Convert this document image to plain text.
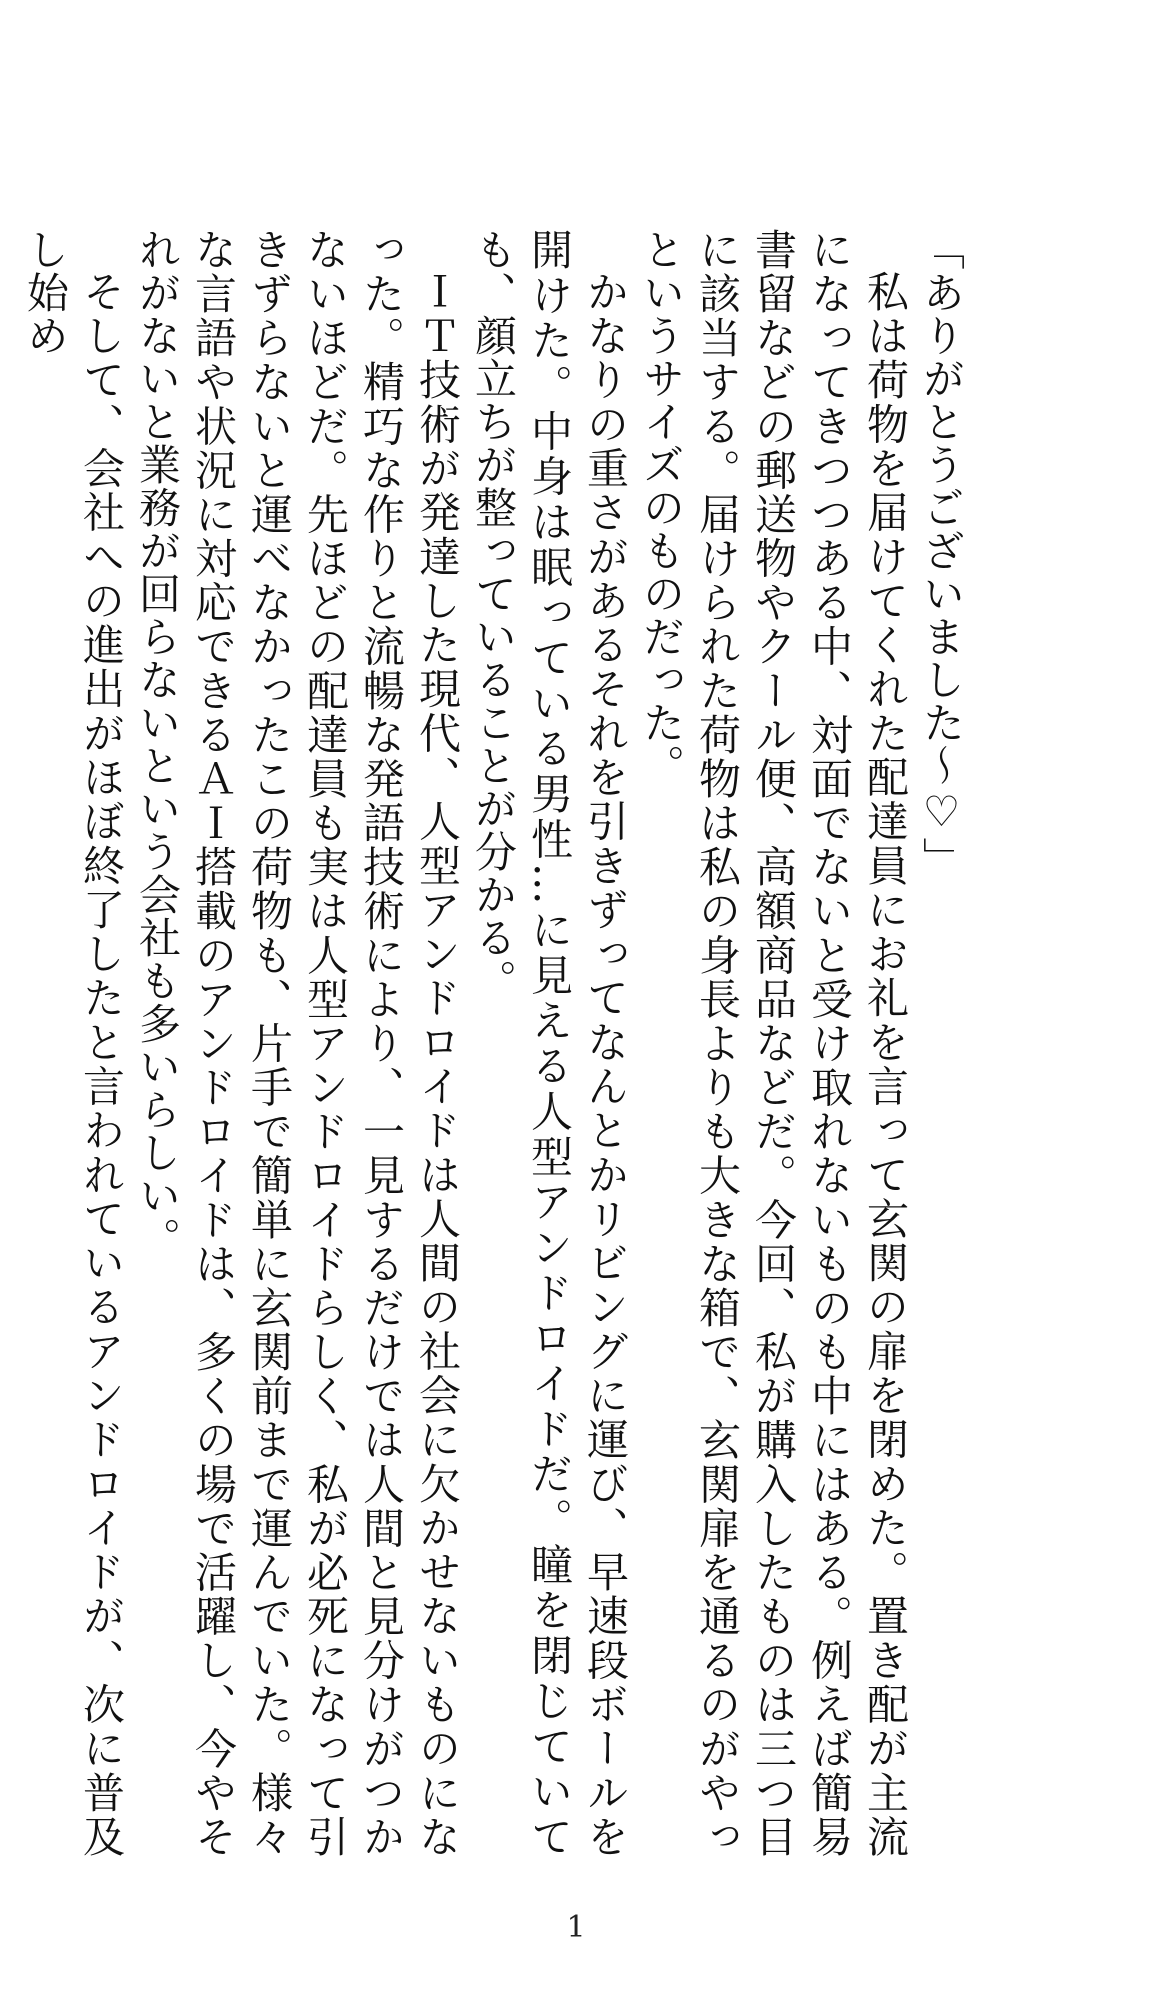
「ありがとうございました〜♡」

私は荷物を届けてくれた配達員にお礼を言って玄関の扉を閉めた。置き配が主流になってきつつある中、対面でないと受け取れないものも中にはある。例えば簡易書留などの郵送物やクール便、高額商品などだ。今回、私が購入したものは三つ目に該当する。届けられた荷物は私の身長よりも大きな箱で、玄関扉を通るのがやっというサイズのものだった。

かなりの重さがあるそれを引きずってなんとかリビングに運び、早速段ボールを開けた。中身は眠っている男性…に見える人型アンドロイドだ。瞳を閉じていても、顔立ちが整っていることが分かる。

ＩＴ技術が発達した現代、人型アンドロイドは人間の社会に欠かせないものになった。精巧な作りと流暢な発語技術により、一見するだけでは人間と見分けがつかないほどだ。先ほどの配達員も実は人型アンドロイドらしく、私が必死になって引きずらないと運べなかったこの荷物も、片手で簡単に玄関前まで運んでいた。様々な言語や状況に対応できるＡＩ搭載のアンドロイドは、多くの場で活躍し、今やそれがないと業務が回らないという会社も多いらしい。

そして、会社への進出がほぼ終了したと言われているアンドロイドが、次に普及し始め

1
